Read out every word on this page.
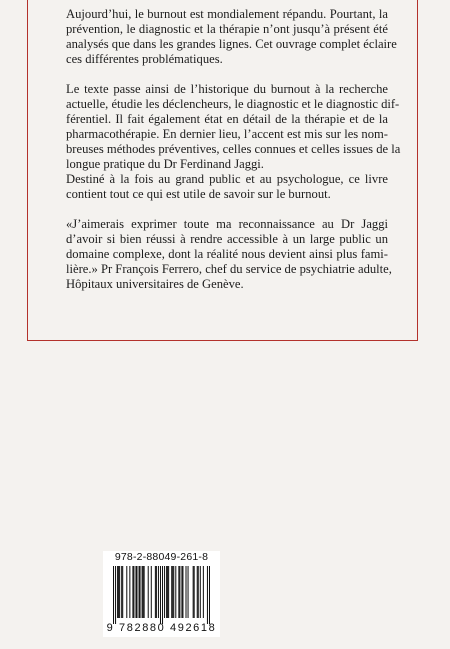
Aujourd’hui, le burnout est mondialement répandu. Pourtant, la
prévention, le diagnostic et la thérapie n’ont jusqu’à présent été
analysés que dans les grandes lignes. Cet ouvrage complet éclaire
ces différentes problématiques.

Le texte passe ainsi de l’historique du burnout à la recherche
actuelle, étudie les déclencheurs, le diagnostic et le diagnostic dif-
férentiel. Il fait également état en détail de la thérapie et de la
pharmacothérapie. En dernier lieu, l’accent est mis sur les nom-
breuses méthodes préventives, celles connues et celles issues de la
longue pratique du Dr Ferdinand Jaggi.

Destiné à la fois au grand public et au psychologue, ce livre
contient tout ce qui est utile de savoir sur le burnout.

«J’aimerais exprimer toute ma reconnaissance au Dr Jaggi
d’avoir si bien réussi à rendre accessible à un large public un
domaine complexe, dont la réalité nous devient ainsi plus fami-
lière.» Pr François Ferrero, chef du service de psychiatrie adulte,
Hôpitaux universitaires de Genève.

978-2-88049-261-8
9 782880 492618
